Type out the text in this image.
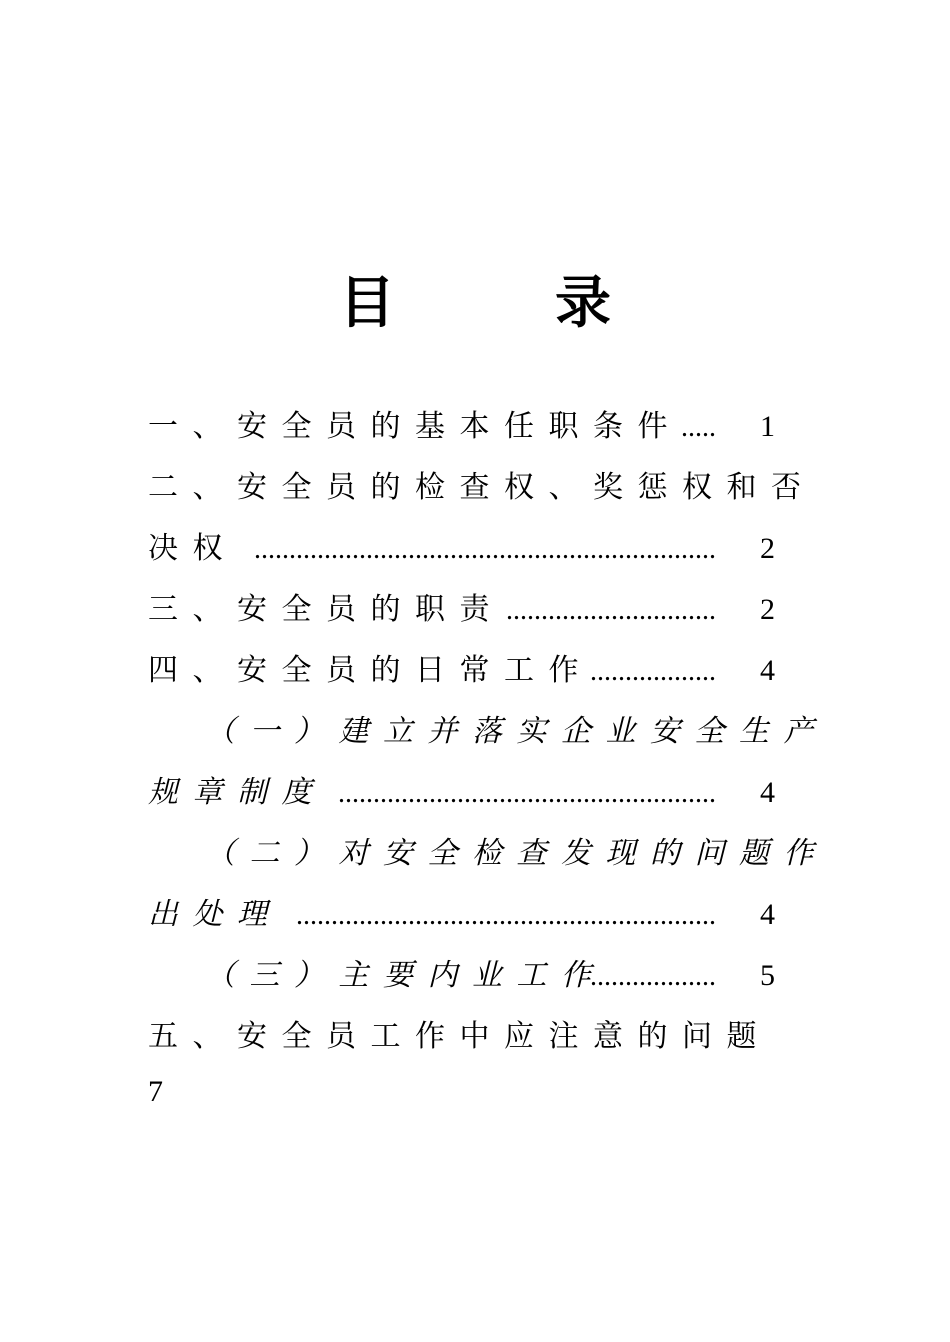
目	录
一、安全员的基本任职条件 ..... 1
二、安全员的检查权、奖惩权和否
决权 .................................................................. 2
三、安全员的职责 .............................. 2
四、安全员的日常工作
.................. 4
（一）建立并落实企业安全生产
规章制度 ...................................................... 4
（二）对安全检查发现的问题作
出处理 ............................................................ 4
（三）主要内业工作
.................. 5
五、安全员工作中应注意的问题
7
